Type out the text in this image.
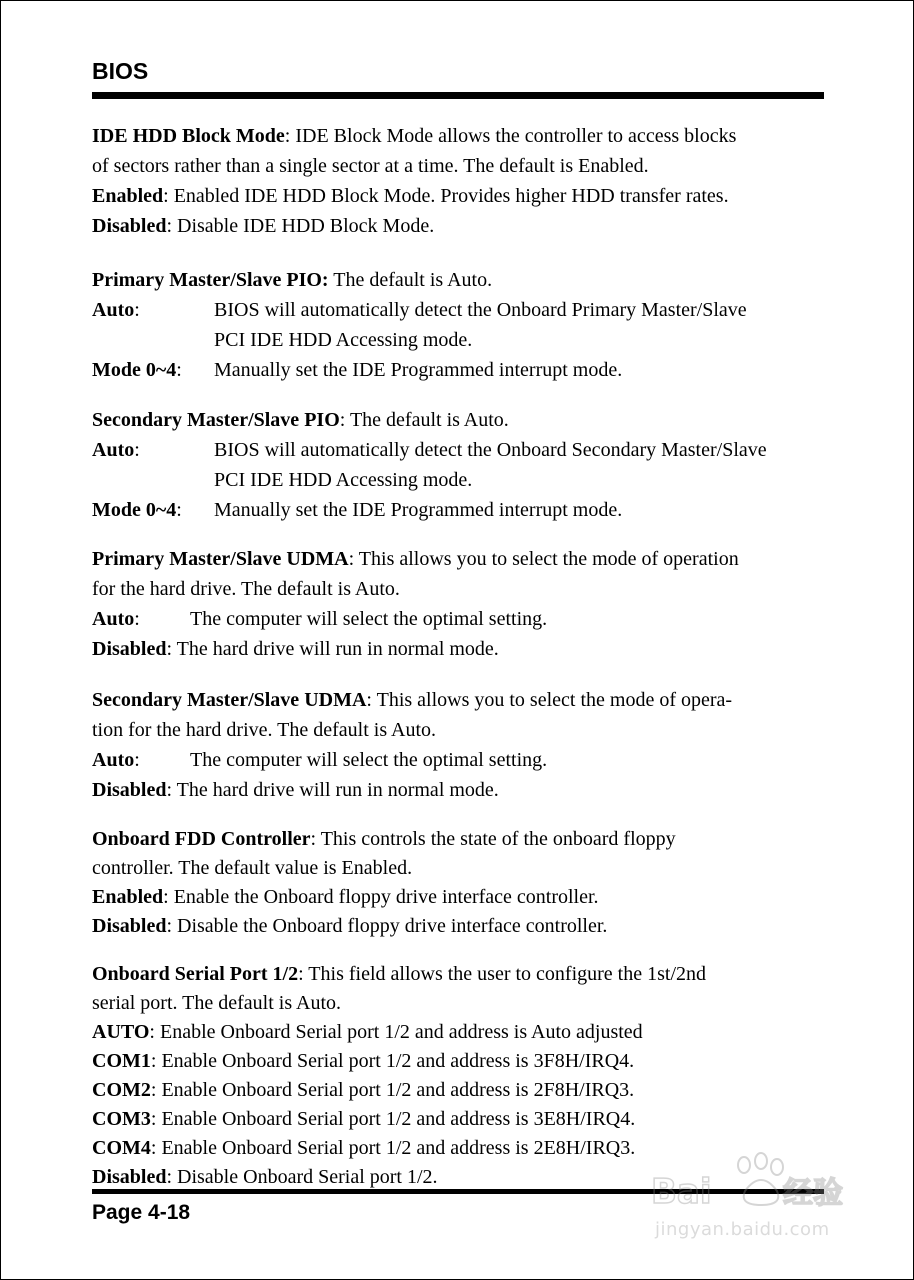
BIOS
IDE HDD Block Mode: IDE Block Mode allows the controller to access blocks
of sectors rather than a single sector at a time. The default is Enabled.
Enabled: Enabled IDE HDD Block Mode. Provides higher HDD transfer rates.
Disabled: Disable IDE HDD Block Mode.
Primary Master/Slave PIO: The default is Auto.
Auto:	BIOS will automatically detect the Onboard Primary Master/Slave
PCI IDE HDD Accessing mode.
Mode 0~4: Manually set the IDE Programmed interrupt mode.
Secondary Master/Slave PIO: The default is Auto.
Auto:	BIOS will automatically detect the Onboard Secondary Master/Slave
PCI IDE HDD Accessing mode.
Mode 0~4: Manually set the IDE Programmed interrupt mode.
Primary Master/Slave UDMA: This allows you to select the mode of operation
for the hard drive. The default is Auto.
Auto:	The computer will select the optimal setting.
Disabled: The hard drive will run in normal mode.
Secondary Master/Slave UDMA: This allows you to select the mode of opera-
tion for the hard drive. The default is Auto.
Auto:	The computer will select the optimal setting.
Disabled: The hard drive will run in normal mode.
Onboard FDD Controller: This controls the state of the onboard floppy
controller. The default value is Enabled.
Enabled: Enable the Onboard floppy drive interface controller.
Disabled: Disable the Onboard floppy drive interface controller.
Onboard Serial Port 1/2: This field allows the user to configure the 1st/2nd
serial port. The default is Auto.
AUTO: Enable Onboard Serial port 1/2 and address is Auto adjusted
COM1: Enable Onboard Serial port 1/2 and address is 3F8H/IRQ4.
COM2: Enable Onboard Serial port 1/2 and address is 2F8H/IRQ3.
COM3: Enable Onboard Serial port 1/2 and address is 3E8H/IRQ4.
COM4: Enable Onboard Serial port 1/2 and address is 2E8H/IRQ3.
Disabled: Disable Onboard Serial port 1/2.
Page 4-18
Bai 经验
jingyan.baidu.com
